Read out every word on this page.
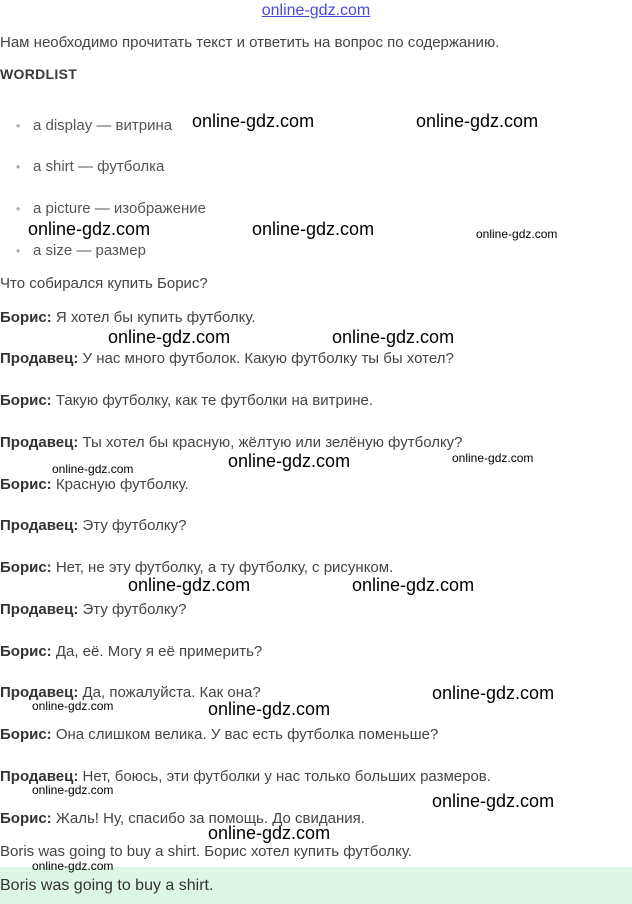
online-gdz.com
Нам необходимо прочитать текст и ответить на вопрос по содержанию.
WORDLIST
• a display — витрина
• a shirt — футболка
• a picture — изображение
• a size — размер
Что собирался купить Борис?
Борис: Я хотел бы купить футболку.
Продавец: У нас много футболок. Какую футболку ты бы хотел?
Борис: Такую футболку, как те футболки на витрине.
Продавец: Ты хотел бы красную, жёлтую или зелёную футболку?
Борис: Красную футболку.
Продавец: Эту футболку?
Борис: Нет, не эту футболку, а ту футболку, с рисунком.
Продавец: Эту футболку?
Борис: Да, её. Могу я её примерить?
Продавец: Да, пожалуйста. Как она?
Борис: Она слишком велика. У вас есть футболка поменьше?
Продавец: Нет, боюсь, эти футболки у нас только больших размеров.
Борис: Жаль! Ну, спасибо за помощь. До свидания.
Boris was going to buy a shirt. Борис хотел купить футболку.
Boris was going to buy a shirt.
online-gdz.com	online-gdz.com
online-gdz.com	online-gdz.com	online-gdz.com
online-gdz.com	online-gdz.com
online-gdz.com	online-gdz.com
online-gdz.com
online-gdz.com	online-gdz.com
online-gdz.com
online-gdz.com	online-gdz.com
online-gdz.com
online-gdz.com
online-gdz.com
online-gdz.com
